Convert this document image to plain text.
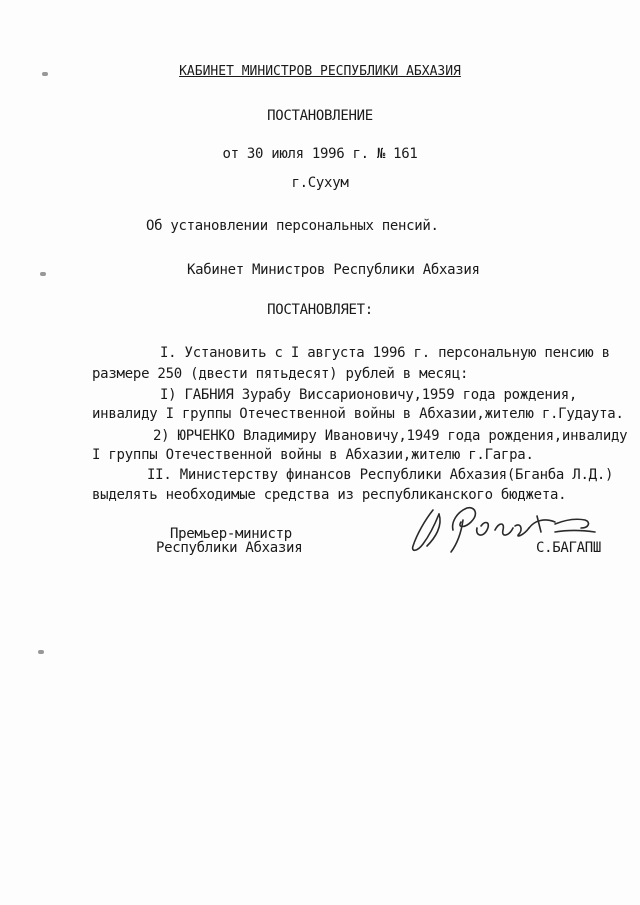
КАБИНЕТ МИНИСТРОВ РЕСПУБЛИКИ АБХАЗИЯ
ПОСТАНОВЛЕНИЕ
от 30 июля 1996 г. № 161
г.Сухум
Об установлении персональных пенсий.
Кабинет Министров Республики Абхазия
ПОСТАНОВЛЯЕТ:
I. Установить с I августа 1996 г. персональную пенсию в
размере 250 (двести пятьдесят) рублей в месяц:
I) ГАБНИЯ Зурабу Виссарионовичу,1959 года рождения,
инвалиду I группы Отечественной войны в Абхазии,жителю г.Гудаута.
2) ЮРЧЕНКО Владимиру Ивановичу,1949 года рождения,инвалиду
I группы Отечественной войны в Абхазии,жителю г.Гагра.
II. Министерству финансов Республики Абхазия(Бганба Л.Д.)
выделять необходимые средства из республиканского бюджета.
Премьер-министр
Республики Абхазия	С.БАГАПШ
